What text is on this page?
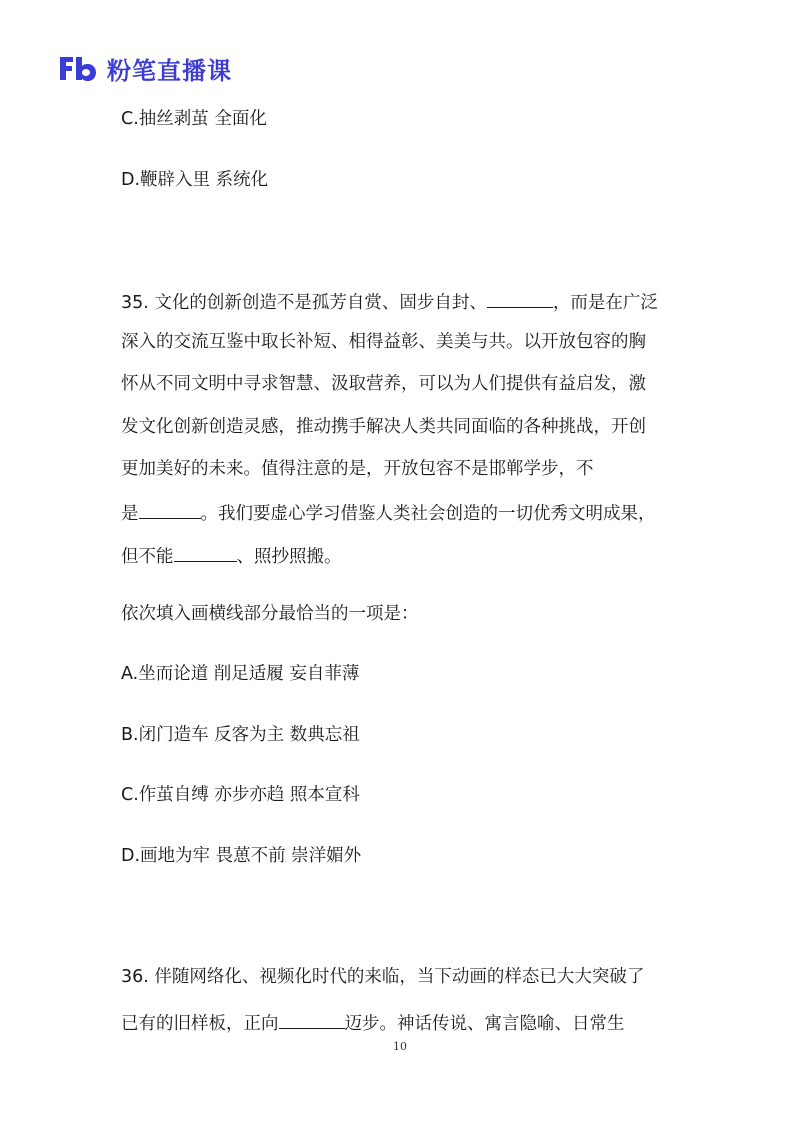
粉笔直播课
C.抽丝剥茧 全面化
D.鞭辟入里 系统化
35. 文化的创新创造不是孤芳自赏、固步自封、	，而是在广泛
深入的交流互鉴中取长补短、相得益彰、美美与共。以开放包容的胸
怀从不同文明中寻求智慧、汲取营养，可以为人们提供有益启发，激
发文化创新创造灵感，推动携手解决人类共同面临的各种挑战，开创
更加美好的未来。值得注意的是，开放包容不是邯郸学步，不
是	。我们要虚心学习借鉴人类社会创造的一切优秀文明成果，
但不能	、照抄照搬。
依次填入画横线部分最恰当的一项是：
A.坐而论道 削足适履 妄自菲薄
B.闭门造车 反客为主 数典忘祖
C.作茧自缚 亦步亦趋 照本宣科
D.画地为牢 畏葸不前 崇洋媚外
36. 伴随网络化、视频化时代的来临，当下动画的样态已大大突破了
已有的旧样板，正向	迈步。神话传说、寓言隐喻、日常生
10
